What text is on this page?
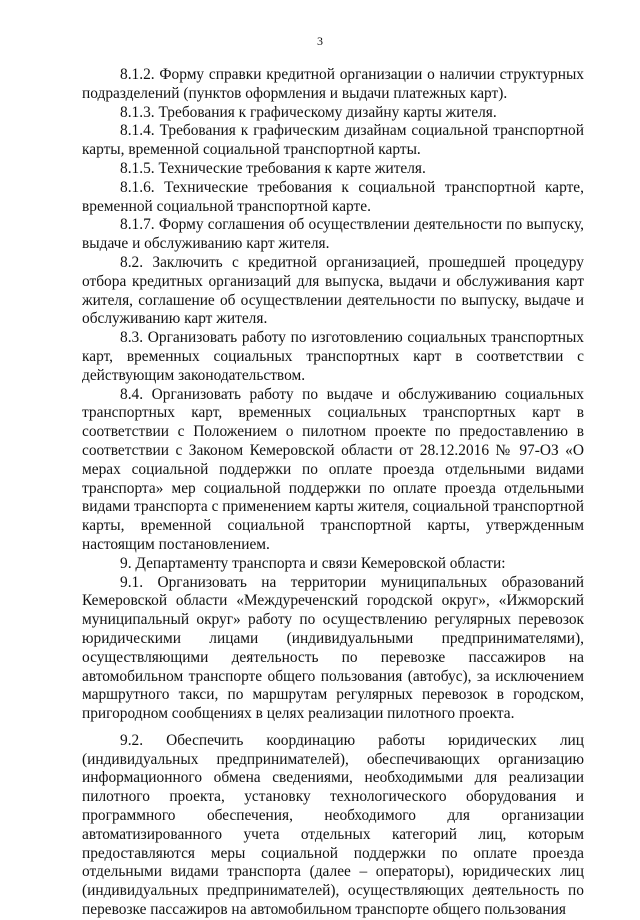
3

8.1.2. Форму справки кредитной организации о наличии структурных подразделений (пунктов оформления и выдачи платежных карт).

8.1.3. Требования к графическому дизайну карты жителя.

8.1.4. Требования к графическим дизайнам социальной транспортной карты, временной социальной транспортной карты.

8.1.5. Технические требования к карте жителя.

8.1.6. Технические требования к социальной транспортной карте, временной социальной транспортной карте.

8.1.7. Форму соглашения об осуществлении деятельности по выпуску, выдаче и обслуживанию карт жителя.

8.2. Заключить с кредитной организацией, прошедшей процедуру отбора кредитных организаций для выпуска, выдачи и обслуживания карт жителя, соглашение об осуществлении деятельности по выпуску, выдаче и обслуживанию карт жителя.

8.3. Организовать работу по изготовлению социальных транспортных карт, временных социальных транспортных карт в соответствии с действующим законодательством.

8.4. Организовать работу по выдаче и обслуживанию социальных транспортных карт, временных социальных транспортных карт в соответствии с Положением о пилотном проекте по предоставлению в соответствии с Законом Кемеровской области от 28.12.2016 № 97-ОЗ «О мерах социальной поддержки по оплате проезда отдельными видами транспорта» мер социальной поддержки по оплате проезда отдельными видами транспорта с применением карты жителя, социальной транспортной карты, временной социальной транспортной карты, утвержденным настоящим постановлением.

9. Департаменту транспорта и связи Кемеровской области:

9.1. Организовать на территории муниципальных образований Кемеровской области «Междуреченский городской округ», «Ижморский муниципальный округ» работу по осуществлению регулярных перевозок юридическими лицами (индивидуальными предпринимателями), осуществляющими деятельность по перевозке пассажиров на автомобильном транспорте общего пользования (автобус), за исключением маршрутного такси, по маршрутам регулярных перевозок в городском, пригородном сообщениях в целях реализации пилотного проекта.

9.2. Обеспечить координацию работы юридических лиц (индивидуальных предпринимателей), обеспечивающих организацию информационного обмена сведениями, необходимыми для реализации пилотного проекта, установку технологического оборудования и программного обеспечения, необходимого для организации автоматизированного учета отдельных категорий лиц, которым предоставляются меры социальной поддержки по оплате проезда отдельными видами транспорта (далее – операторы), юридических лиц (индивидуальных предпринимателей), осуществляющих деятельность по перевозке пассажиров на автомобильном транспорте общего пользования
